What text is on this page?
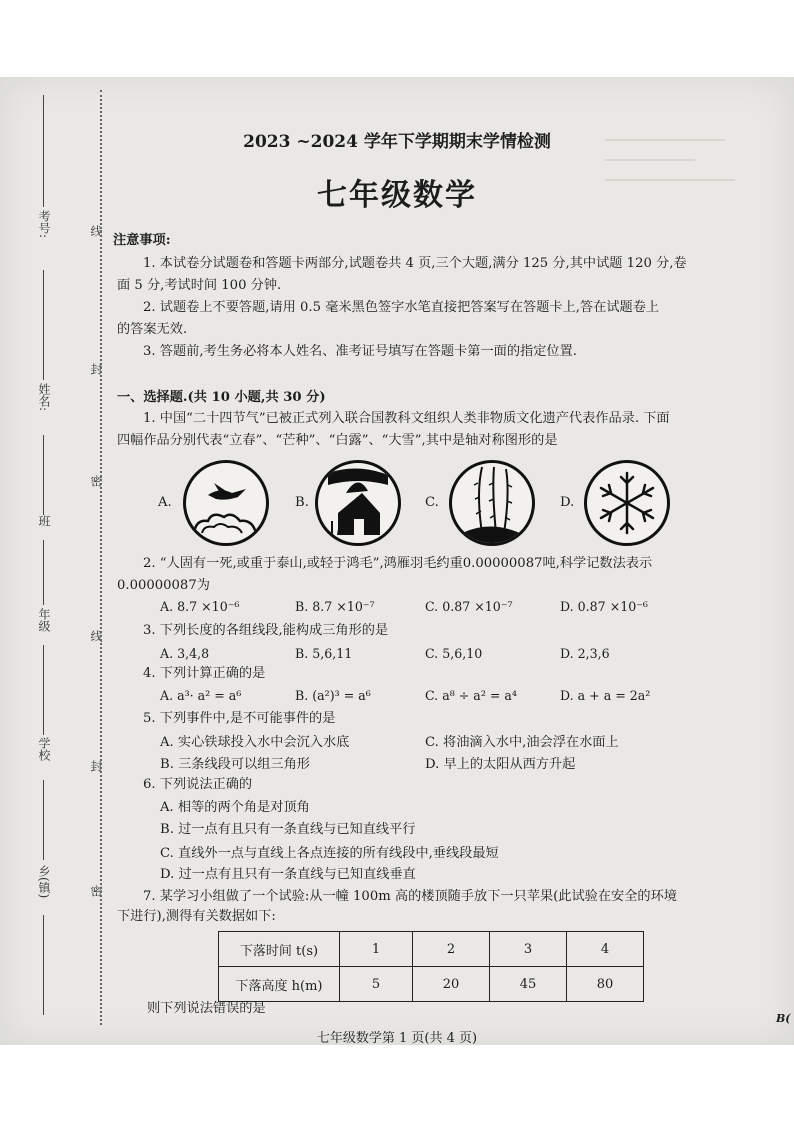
考号:
姓名:
班
年级
学校
乡(镇)
线
封
密
线
封
密
2023 ~2024 学年下学期期末学情检测
七年级数学
注意事项:
1. 本试卷分试题卷和答题卡两部分,试题卷共 4 页,三个大题,满分 125 分,其中试题 120 分,卷
面 5 分,考试时间 100 分钟.
2. 试题卷上不要答题,请用 0.5 毫米黑色签字水笔直接把答案写在答题卡上,答在试题卷上
的答案无效.
3. 答题前,考生务必将本人姓名、准考证号填写在答题卡第一面的指定位置.
一、选择题.(共 10 小题,共 30 分)
1. 中国“二十四节气”已被正式列入联合国教科文组织人类非物质文化遗产代表作品录. 下面
四幅作品分别代表“立春”、“芒种”、“白露”、“大雪”,其中是轴对称图形的是
A.	B.	C.	D.
2. “人固有一死,或重于泰山,或轻于鸿毛”,鸿雁羽毛约重0.00000087吨,科学记数法表示
0.00000087为
A. 8.7 ×10⁻⁶	B. 8.7 ×10⁻⁷	C. 0.87 ×10⁻⁷	D. 0.87 ×10⁻⁶
3. 下列长度的各组线段,能构成三角形的是
A. 3,4,8	B. 5,6,11	C. 5,6,10	D. 2,3,6
4. 下列计算正确的是
A. a³· a² = a⁶	B. (a²)³ = a⁶	C. a⁸ ÷ a² = a⁴	D. a + a = 2a²
5. 下列事件中,是不可能事件的是
A. 实心铁球投入水中会沉入水底	C. 将油滴入水中,油会浮在水面上
B. 三条线段可以组三角形	D. 早上的太阳从西方升起
6. 下列说法正确的
A. 相等的两个角是对顶角
B. 过一点有且只有一条直线与已知直线平行
C. 直线外一点与直线上各点连接的所有线段中,垂线段最短
D. 过一点有且只有一条直线与已知直线垂直
7. 某学习小组做了一个试验:从一幢 100m 高的楼顶随手放下一只苹果(此试验在安全的环境
下进行),测得有关数据如下:
下落时间 t(s)	1	2	3	4
下落高度 h(m)	5	20	45	80
则下列说法错误的是
七年级数学第 1 页(共 4 页)
B(
